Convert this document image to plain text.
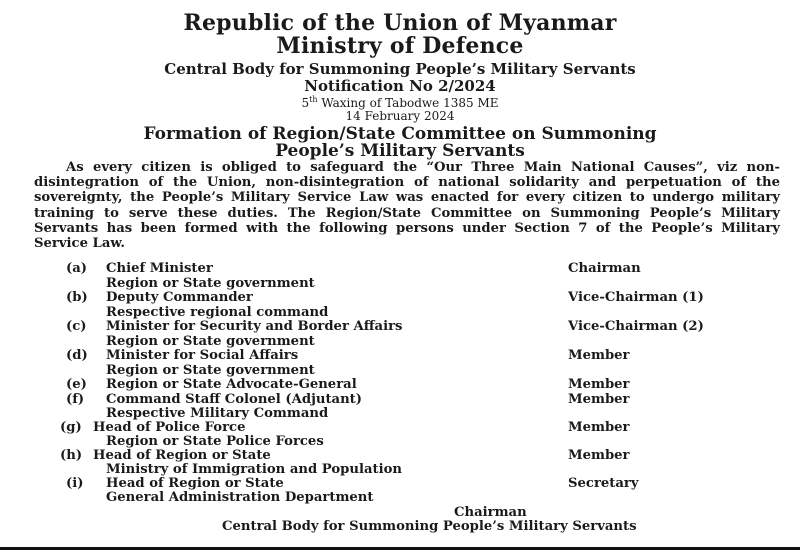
Republic of the Union of Myanmar
Ministry of Defence
Central Body for Summoning People’s Military Servants
Notification No 2/2024
5th Waxing of Tabodwe 1385 ME
14 February 2024
Formation of Region/State Committee on Summoning
People’s Military Servants
As every citizen is obliged to safeguard the “Our Three Main National Causes”, viz non-disintegration of the Union, non-disintegration of national solidarity and perpetuation of the sovereignty, the People’s Military Service Law was enacted for every citizen to undergo military training to serve these duties. The Region/State Committee on Summoning People’s Military Servants has been formed with the following persons under Section 7 of the People’s Military Service Law.
(a) Chief Minister	Chairman
Region or State government
(b) Deputy Commander	Vice-Chairman (1)
Respective regional command
(c) Minister for Security and Border Affairs	Vice-Chairman (2)
Region or State government
(d) Minister for Social Affairs	Member
Region or State government
(e) Region or State Advocate-General	Member
(f) Command Staff Colonel (Adjutant)	Member
Respective Military Command
(g) Head of Police Force	Member
Region or State Police Forces
(h) Head of Region or State	Member
Ministry of Immigration and Population
(i) Head of Region or State	Secretary
General Administration Department
Chairman
Central Body for Summoning People’s Military Servants
